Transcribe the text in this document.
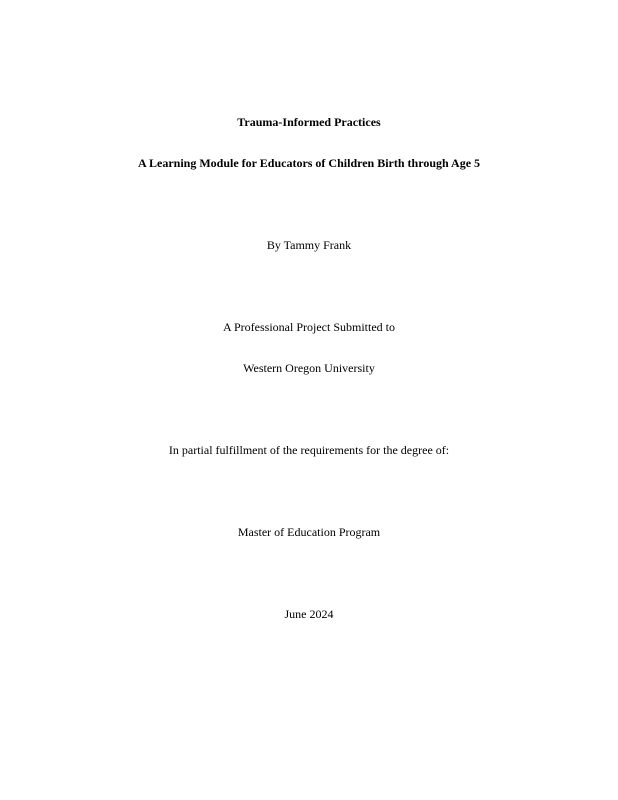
Trauma-Informed Practices
A Learning Module for Educators of Children Birth through Age 5
By Tammy Frank
A Professional Project Submitted to
Western Oregon University
In partial fulfillment of the requirements for the degree of:
Master of Education Program
June 2024
